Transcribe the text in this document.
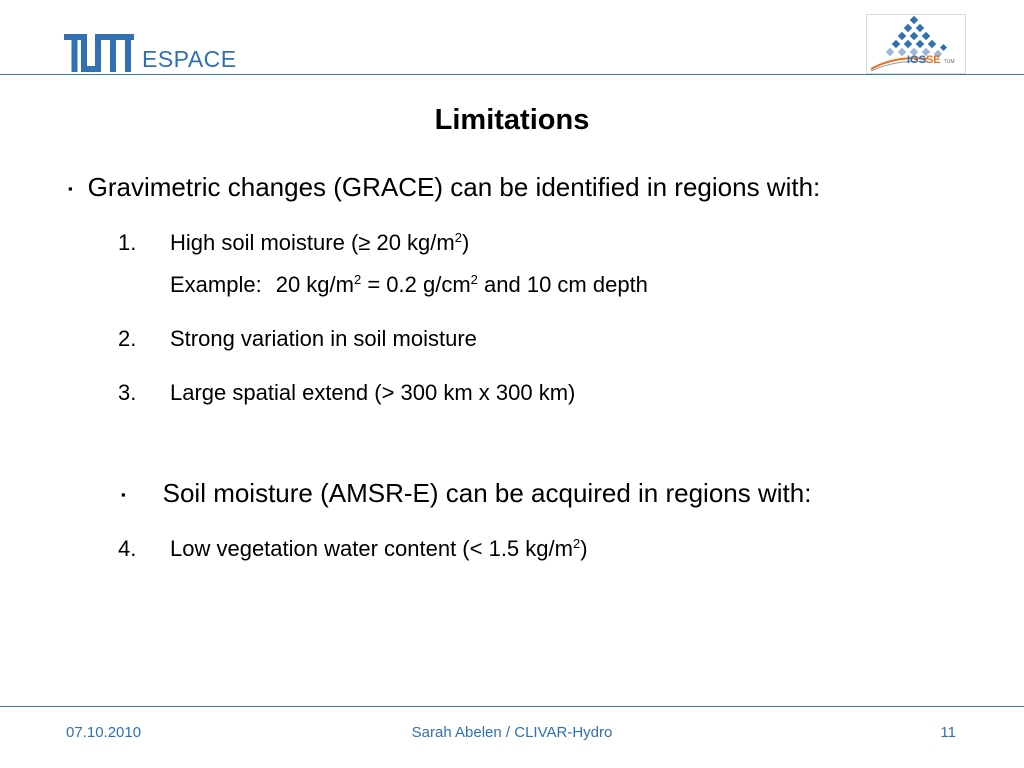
ESPACE	IGSSE TUM
Limitations
▪ Gravimetric changes (GRACE) can be identified in regions with:
1. High soil moisture (≥ 20 $kg/m^2$)
Example: 20 $kg/m^2 = 0.2$ $g/cm^2$ and 10 cm depth
2. Strong variation in soil moisture
3. Large spatial extend (> 300 km x 300 km)
▪ Soil moisture (AMSR-E) can be acquired in regions with:
4. Low vegetation water content (< 1.5 $kg/m^2$)
07.10.2010	Sarah Abelen / CLIVAR-Hydro	11
